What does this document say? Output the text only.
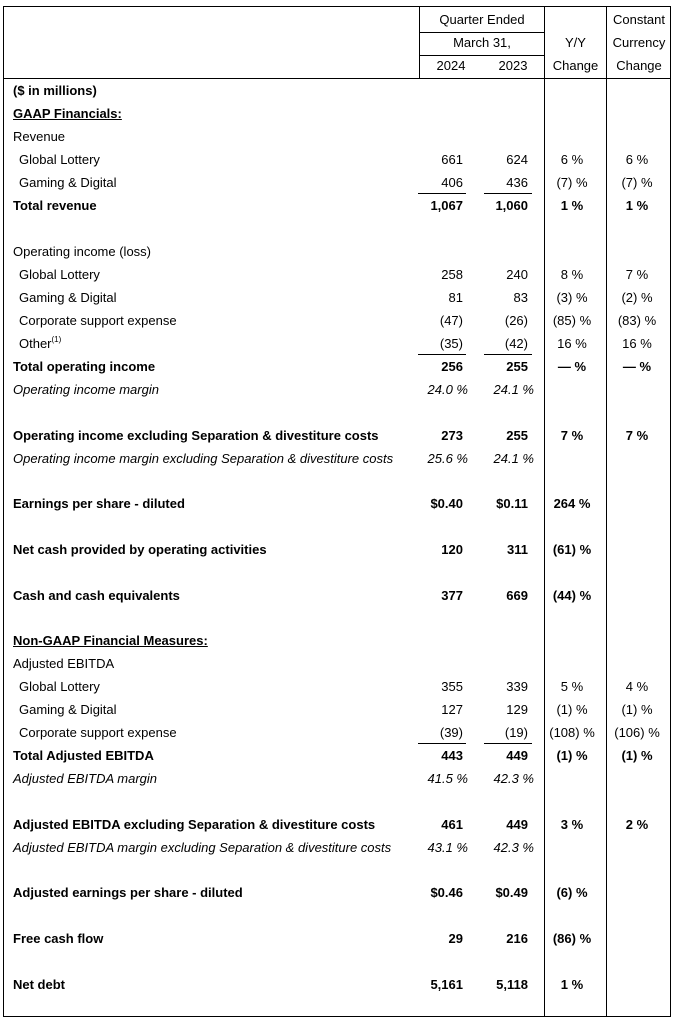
Quarter Ended
March 31,
2024	2023
Y/Y
Change
Constant
Currency
Change
($ in millions)
GAAP Financials:
Revenue
Global Lottery	661	624	6 %	6 %
Gaming & Digital	406	436	(7) %	(7) %
Total revenue	1,067	1,060	1 %	1 %
Operating income (loss)
Global Lottery	258	240	8 %	7 %
Gaming & Digital	81	83	(3) %	(2) %
Corporate support expense	(47)	(26)	(85) %	(83) %
Other$^{(1)}$	(35)	(42)	16 %	16 %
Total operating income	256	255	— %	— %
Operating income margin	24.0 %	24.1 %
Operating income excluding Separation & divestiture costs	273	255	7 %	7 %
Operating income margin excluding Separation & divestiture costs	25.6 %	24.1 %
Earnings per share - diluted	$0.40	$0.11	264 %
Net cash provided by operating activities	120	311	(61) %
Cash and cash equivalents	377	669	(44) %
Non-GAAP Financial Measures:
Adjusted EBITDA
Global Lottery	355	339	5 %	4 %
Gaming & Digital	127	129	(1) %	(1) %
Corporate support expense	(39)	(19) (108) %	(106) %
Total Adjusted EBITDA	443	449	(1) %	(1) %
Adjusted EBITDA margin	41.5 %	42.3 %
Adjusted EBITDA excluding Separation & divestiture costs	461	449	3 %	2 %
Adjusted EBITDA margin excluding Separation & divestiture costs	43.1 %	42.3 %
Adjusted earnings per share - diluted	$0.46	$0.49	(6) %
Free cash flow	29	216	(86) %
Net debt	5,161	5,118	1 %
